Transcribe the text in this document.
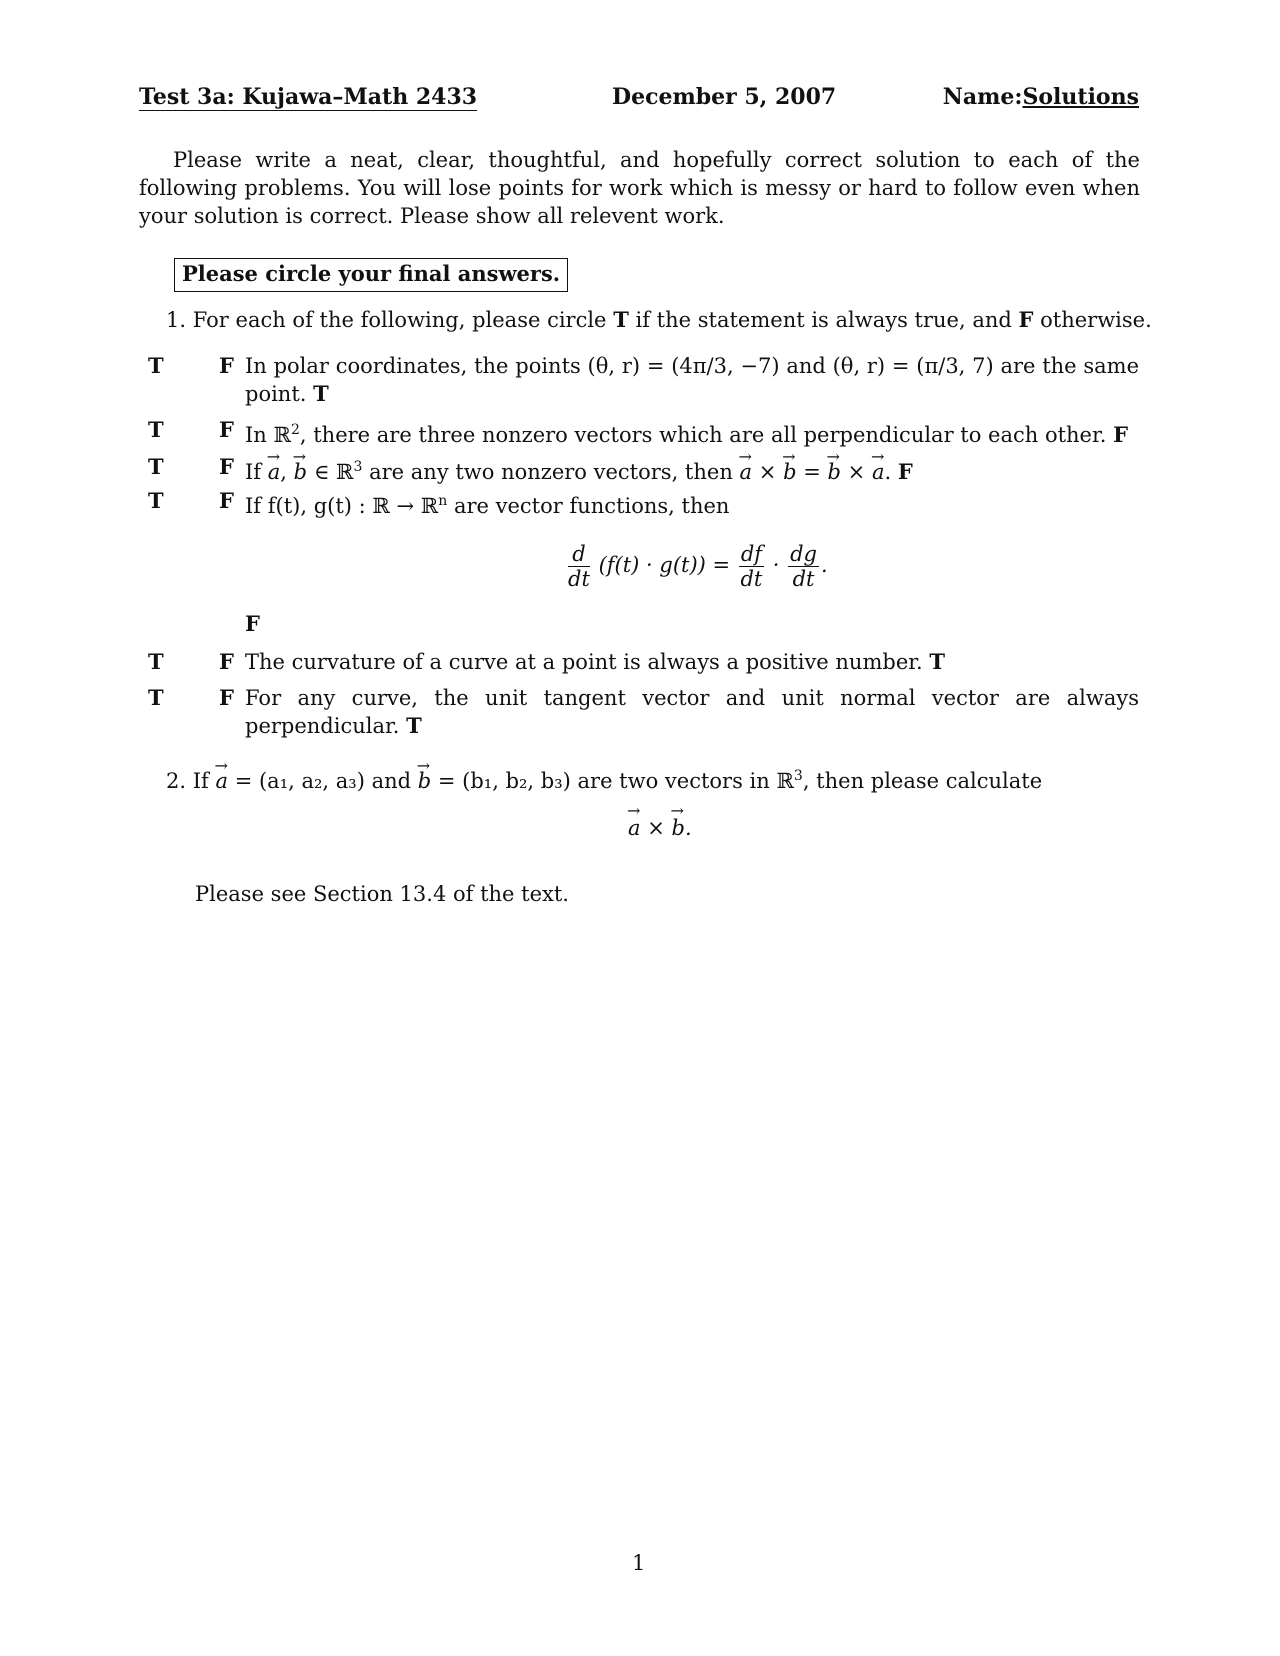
Test 3a: Kujawa–Math 2433	December 5, 2007	Name:Solutions
Please write a neat, clear, thoughtful, and hopefully correct solution to each of the following problems. You will lose points for work which is messy or hard to follow even when your solution is correct. Please show all relevent work.
Please circle your final answers.
1. For each of the following, please circle T if the statement is always true, and F otherwise.
T	F In polar coordinates, the points (θ, r) = (4π/3, −7) and (θ, r) = (π/3, 7) are the same point. T
T	F In ℝ$^2$, there are three nonzero vectors which are all perpendicular to each other. F
T	F If → a, → b ∈ ℝ$^3$ are any two nonzero vectors, then → a × → b = → b × → a. F
T	F If f(t), g(t) : ℝ → ℝ$^n$ are vector functions, then
$\frac{d}{dt} (f(t) \cdot g(t)) = \frac{df}{dt} \cdot \frac{dg}{dt}$ .
F
T	F The curvature of a curve at a point is always a positive number. T
T	F For any curve, the unit tangent vector and unit normal vector are always perpendicular. T
2. If → a = (a₁, a₂, a₃) and → b = (b₁, b₂, b₃) are two vectors in ℝ$^3$, then please calculate
→ a × → b.
Please see Section 13.4 of the text.
1
